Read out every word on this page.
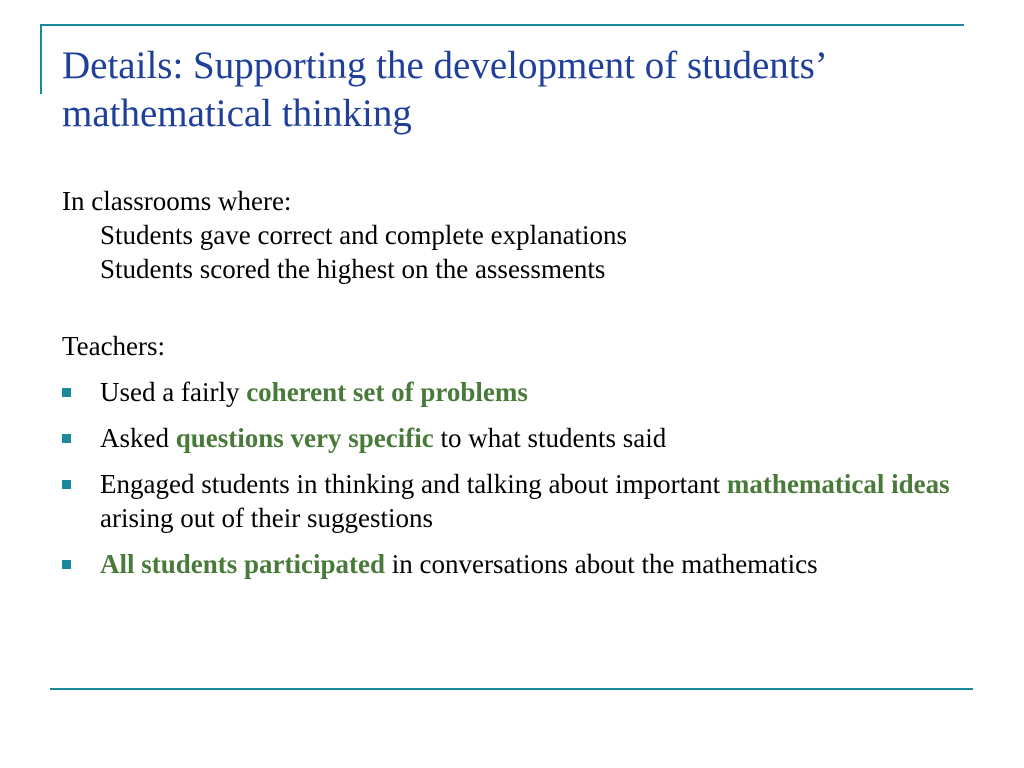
Details: Supporting the development of students’ mathematical thinking

In classrooms where:

Students gave correct and complete explanations

Students scored the highest on the assessments

Teachers:

Used a fairly coherent set of problems
Asked questions very specific to what students said
Engaged students in thinking and talking about important mathematical ideas arising out of their suggestions
All students participated in conversations about the mathematics
